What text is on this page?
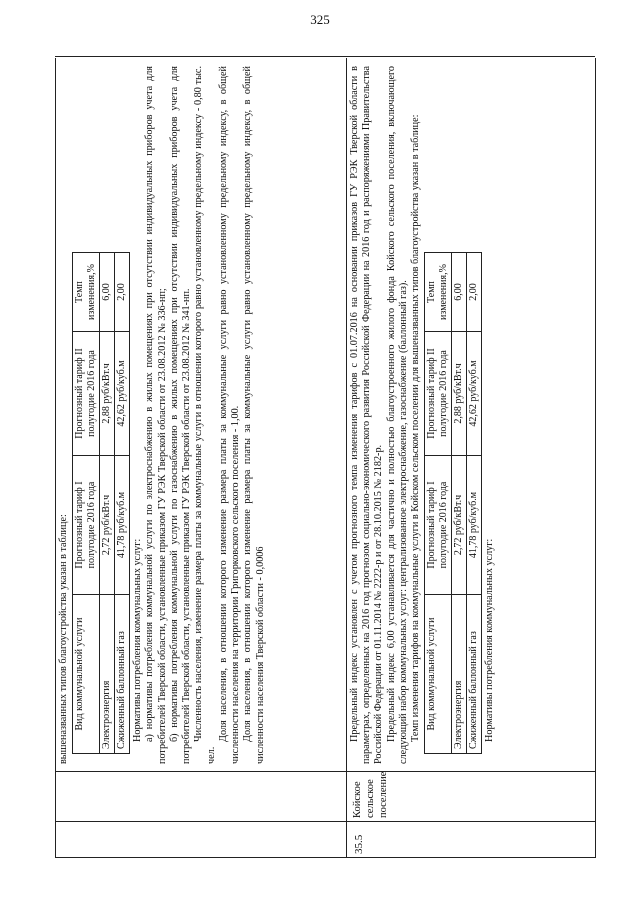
325

вышеназванных типов благоустройства указан в таблице: Вид коммунальной услуги	Прогнозный тариф I полугодие 2016 года	Прогнозный тариф II полугодие 2016 года	Темп изменения,%
Электроэнергия	2,72 руб/кВт.ч	2,88 руб/кВт.ч	6,00
Сжиженный баллонный газ	41,78 руб/куб.м	42,62 руб/куб.м	2,00

Нормативы потребления коммунальных услуг: а) нормативы потребления коммунальной услуги по электроснабжению в жилых помещениях при отсутствии индивидуальных приборов учета для потребителей Тверской области, установленные приказом ГУ РЭК Тверской области от 23.08.2012 № 336-нп; б) нормативы потребления коммунальной услуги по газоснабжению в жилых помещениях при отсутствии индивидуальных приборов учета для потребителей Тверской области, установленные приказом ГУ РЭК Тверской области от 23.08.2012 № 341-нп. Численность населения, изменение размера платы за коммунальные услуги в отношении которого равно установленному предельному индексу - 0,80 тыс. чел.

Доля населения, в отношении которого изменение размера платы за коммунальные услуги равно установленному предельному индексу, в общей численности населения на территории Григорковского сельского поселения - 1,00. Доля населения, в отношении которого изменение размера платы за коммунальные услуги равно установленному предельному индексу, в общей численности населения Тверской области - 0,0006

35.5
Койское сельское поселение

Предельный индекс установлен с учетом прогнозного темпа изменения тарифов с 01.07.2016 на основании приказов ГУ РЭК Тверской области в параметрах, определенных на 2016 год прогнозом социально-экономического развития Российской Федерации на 2016 год и распоряжениями Правительства Российской Федерации от 01.11.2014 № 2222-р и от 28.10.2015 № 2182-р. Предельный индекс 6,00 устанавливается для частично и полностью благоустроенного жилого фонда Койского сельского поселения, включающего следующий набор коммунальных услуг: централизованное электроснабжение, газоснабжение (баллонный газ). Темп изменения тарифов на коммунальные услуги в Койском сельском поселении для вышеназванных типов благоустройства указан в таблице: Вид коммунальной услуги	Прогнозный тариф I полугодие 2016 года	Прогнозный тариф II полугодие 2016 года	Темп изменения,%
Электроэнергия	2,72 руб/кВт.ч	2,88 руб/кВт.ч	6,00
Сжиженный баллонный газ	41,78 руб/куб.м	42,62 руб/куб.м	2,00

Нормативы потребления коммунальных услуг:
